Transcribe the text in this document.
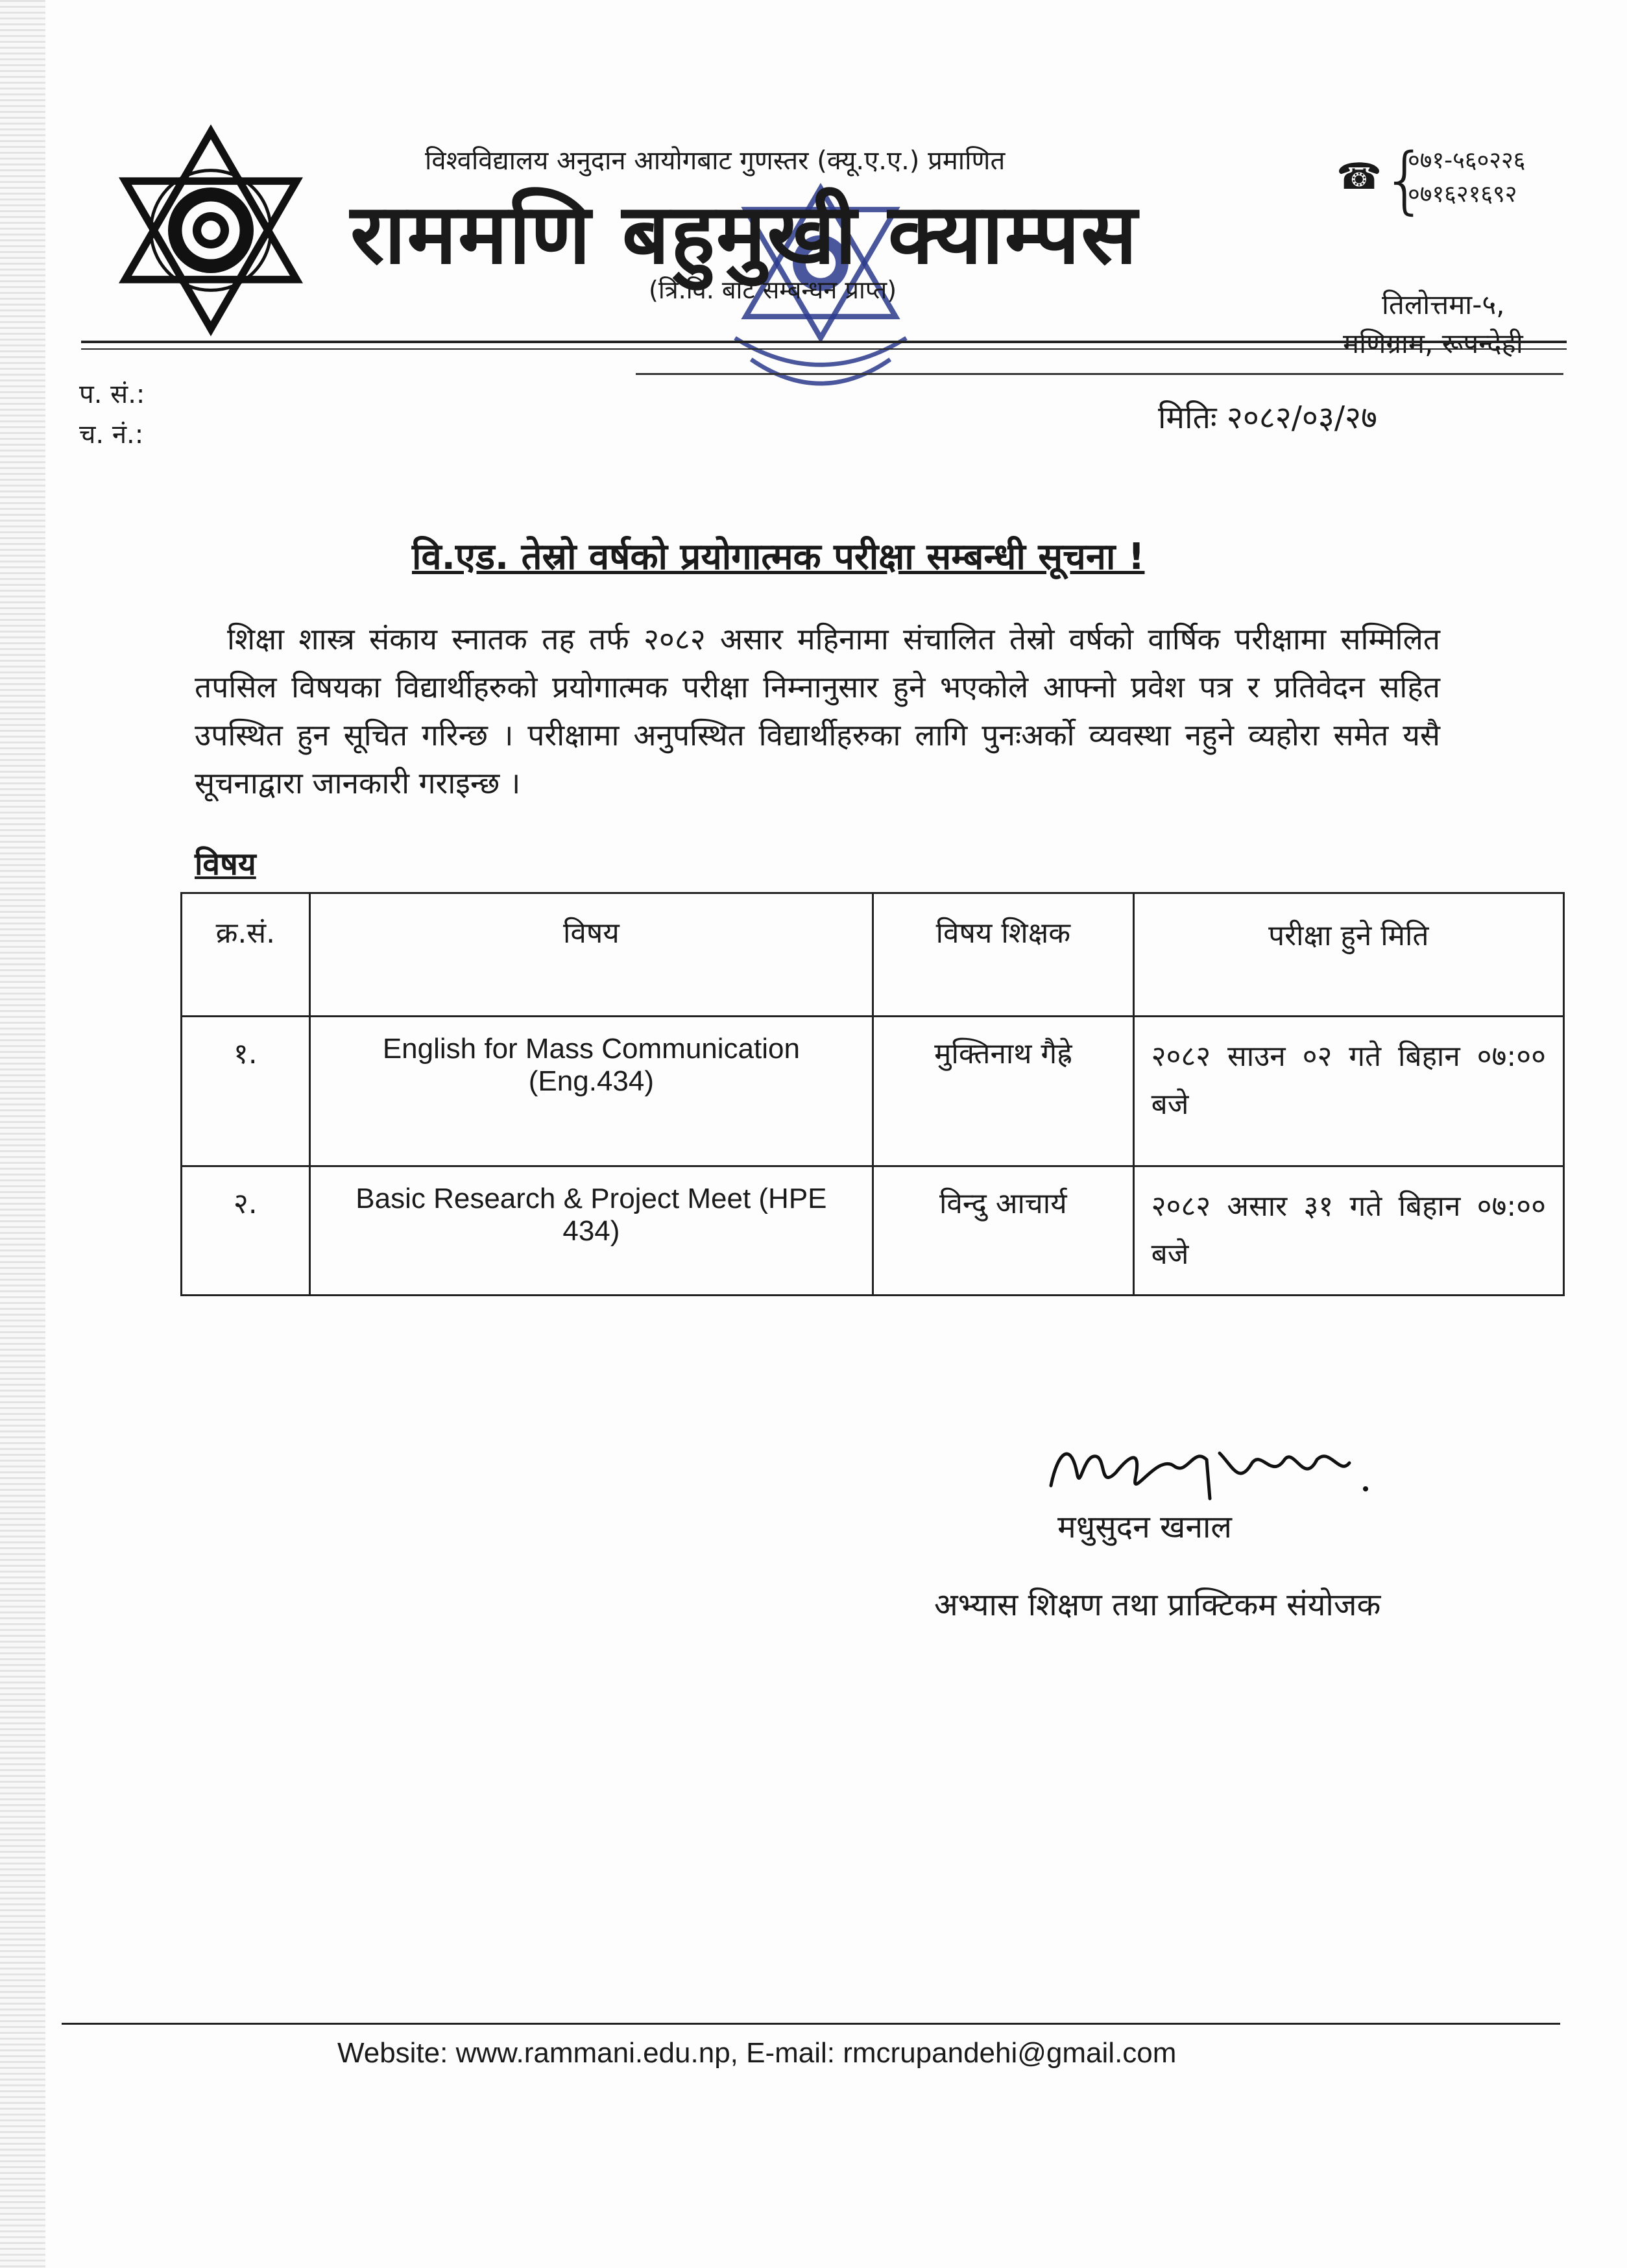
विश्वविद्यालय अनुदान आयोगबाट गुणस्तर (क्यू.ए.ए.) प्रमाणित
राममणि बहुमुखी क्याम्पस
(त्रि.वि. बाट सम्बन्धन प्राप्त)
☎ {
०७१-५६०२२६
०७१६२१६९२
तिलोत्तमा-५,
मणिग्राम, रूपन्देही
प. सं.:
च. नं.:	मितिः २०८२/०३/२७
वि.एड. तेस्रो वर्षको प्रयोगात्मक परीक्षा सम्बन्धी सूचना !

शिक्षा शास्त्र संकाय स्नातक तह तर्फ २०८२ असार महिनामा संचालित तेस्रो वर्षको वार्षिक परीक्षामा सम्मिलित तपसिल विषयका विद्यार्थीहरुको प्रयोगात्मक परीक्षा निम्नानुसार हुने भएकोले आफ्नो प्रवेश पत्र र प्रतिवेदन सहित उपस्थित हुन सूचित गरिन्छ । परीक्षामा अनुपस्थित विद्यार्थीहरुका लागि पुनःअर्को व्यवस्था नहुने व्यहोरा समेत यसै सूचनाद्वारा जानकारी गराइन्छ ।

विषय
क्र.सं.	विषय	विषय शिक्षक	परीक्षा हुने मिति
१.	English for Mass Communication (Eng.434)	मुक्तिनाथ गैह्रे	२०८२ साउन ०२ गते बिहान ०७:०० बजे
२.	Basic Research & Project Meet (HPE 434)	विन्दु आचार्य	२०८२ असार ३१ गते बिहान ०७:०० बजे
मधुसुदन खनाल
अभ्यास शिक्षण तथा प्राक्टिकम संयोजक
Website: www.rammani.edu.np, E-mail: rmcrupandehi@gmail.com
